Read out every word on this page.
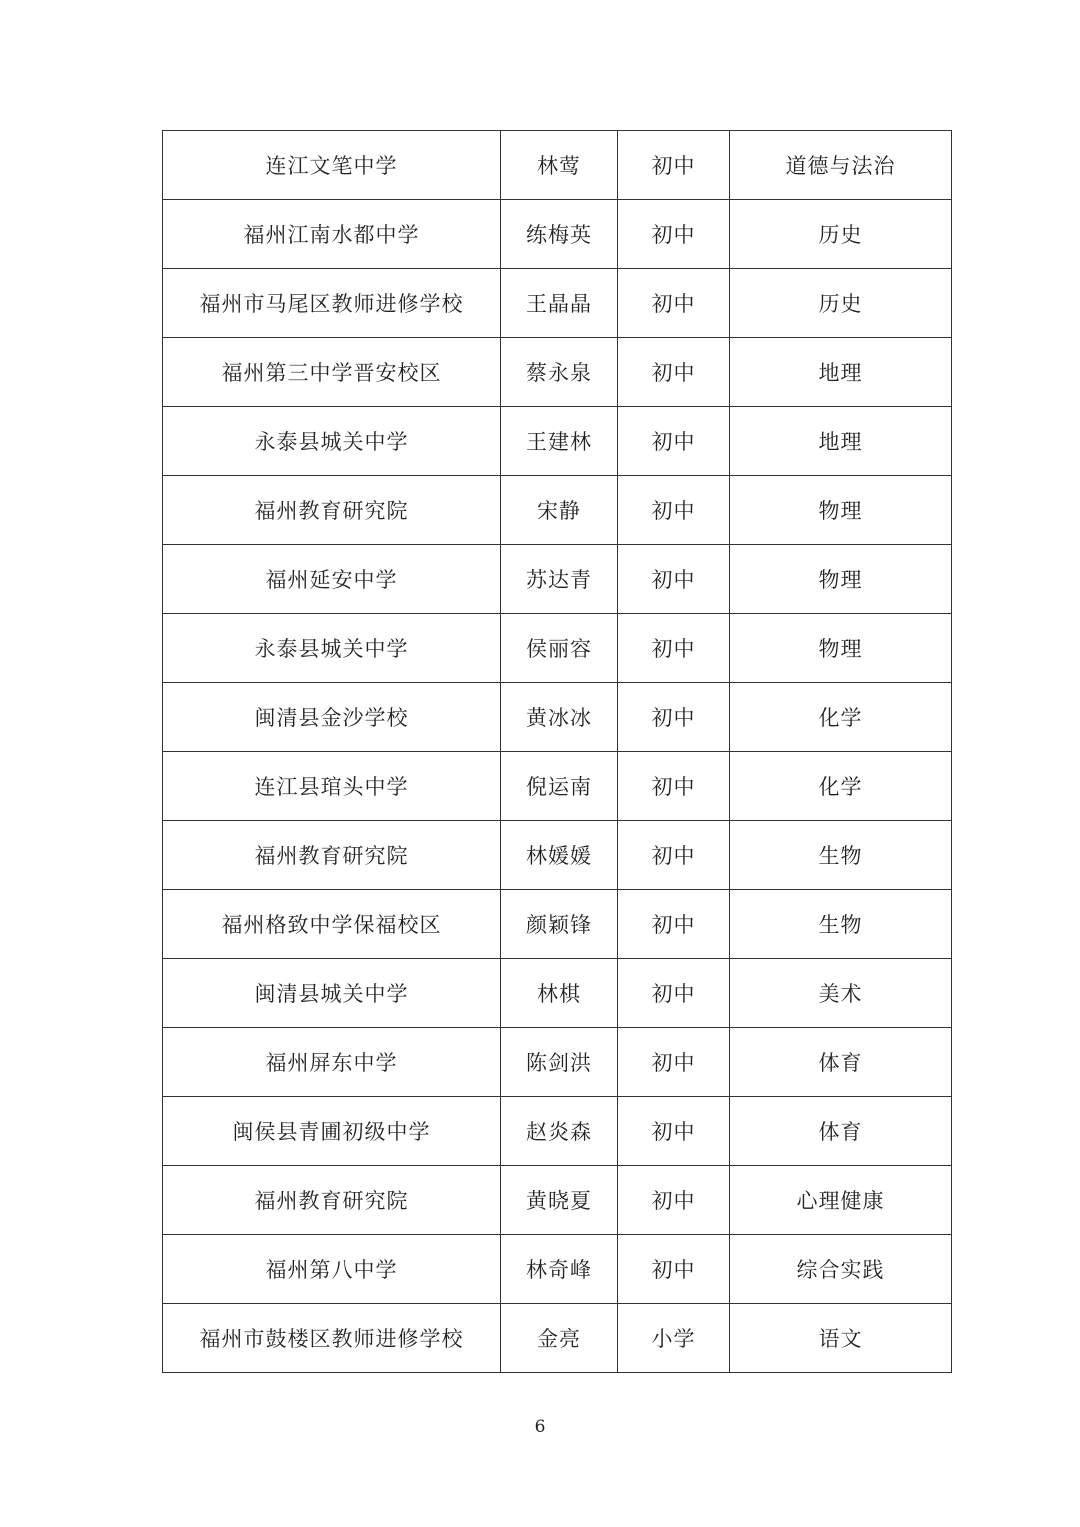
连江文笔中学	林莺	初中	道德与法治
福州江南水都中学	练梅英	初中	历史
福州市马尾区教师进修学校	王晶晶	初中	历史
福州第三中学晋安校区	蔡永泉	初中	地理
永泰县城关中学	王建林	初中	地理
福州教育研究院	宋静	初中	物理
福州延安中学	苏达青	初中	物理
永泰县城关中学	侯丽容	初中	物理
闽清县金沙学校	黄冰冰	初中	化学
连江县琯头中学	倪运南	初中	化学
福州教育研究院	林媛媛	初中	生物
福州格致中学保福校区	颜颖锋	初中	生物
闽清县城关中学	林棋	初中	美术
福州屏东中学	陈剑洪	初中	体育
闽侯县青圃初级中学	赵炎森	初中	体育
福州教育研究院	黄晓夏	初中	心理健康
福州第八中学	林奇峰	初中	综合实践
福州市鼓楼区教师进修学校	金亮	小学	语文
6
